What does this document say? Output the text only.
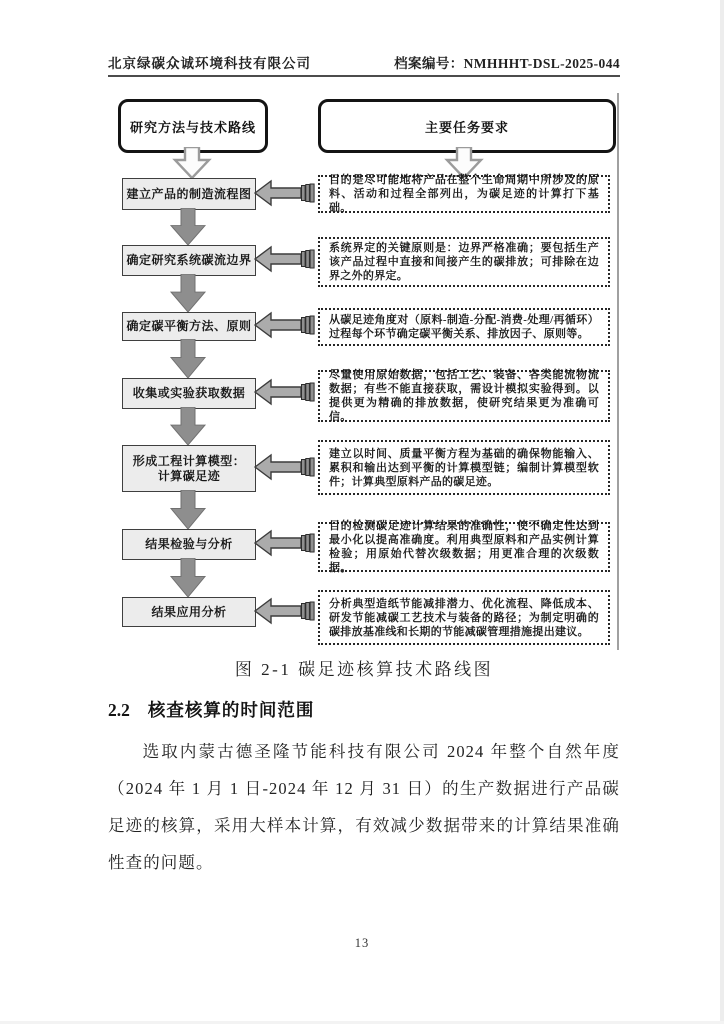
北京绿碳众诚环境科技有限公司	档案编号：NMHHHT-DSL-2025-044
研究方法与技术路线	主要任务要求
建立产品的制造流程图
确定研究系统碳流边界
确定碳平衡方法、原则
收集或实验获取数据
形成工程计算模型：
计算碳足迹
结果检验与分析
结果应用分析
目的是尽可能地将产品在整个生命周期中所涉及的原料、活动和过程全部列出，为碳足迹的计算打下基础。
系统界定的关键原则是：边界严格准确；要包括生产该产品过程中直接和间接产生的碳排放；可排除在边界之外的界定。
从碳足迹角度对（原料-制造-分配-消费-处理/再循环）过程每个环节确定碳平衡关系、排放因子、原则等。
尽量使用原始数据，包括工艺、装备、各类能流物流数据；有些不能直接获取，需设计模拟实验得到。以提供更为精确的排放数据，使研究结果更为准确可信。
建立以时间、质量平衡方程为基础的确保物能输入、累积和输出达到平衡的计算模型链；编制计算模型软件；计算典型原料产品的碳足迹。
目的检测碳足迹计算结果的准确性，使不确定性达到最小化以提高准确度。利用典型原料和产品实例计算检验；用原始代替次级数据；用更准合理的次级数据。
分析典型造纸节能减排潜力、优化流程、降低成本、研发节能减碳工艺技术与装备的路径；为制定明确的碳排放基准线和长期的节能减碳管理措施提出建议。
图 2-1 碳足迹核算技术路线图
2.2 核查核算的时间范围

选取内蒙古德圣隆节能科技有限公司 2024 年整个自然年度（2024 年 1 月 1 日-2024 年 12 月 31 日）的生产数据进行产品碳足迹的核算，采用大样本计算，有效减少数据带来的计算结果准确性查的问题。

13
